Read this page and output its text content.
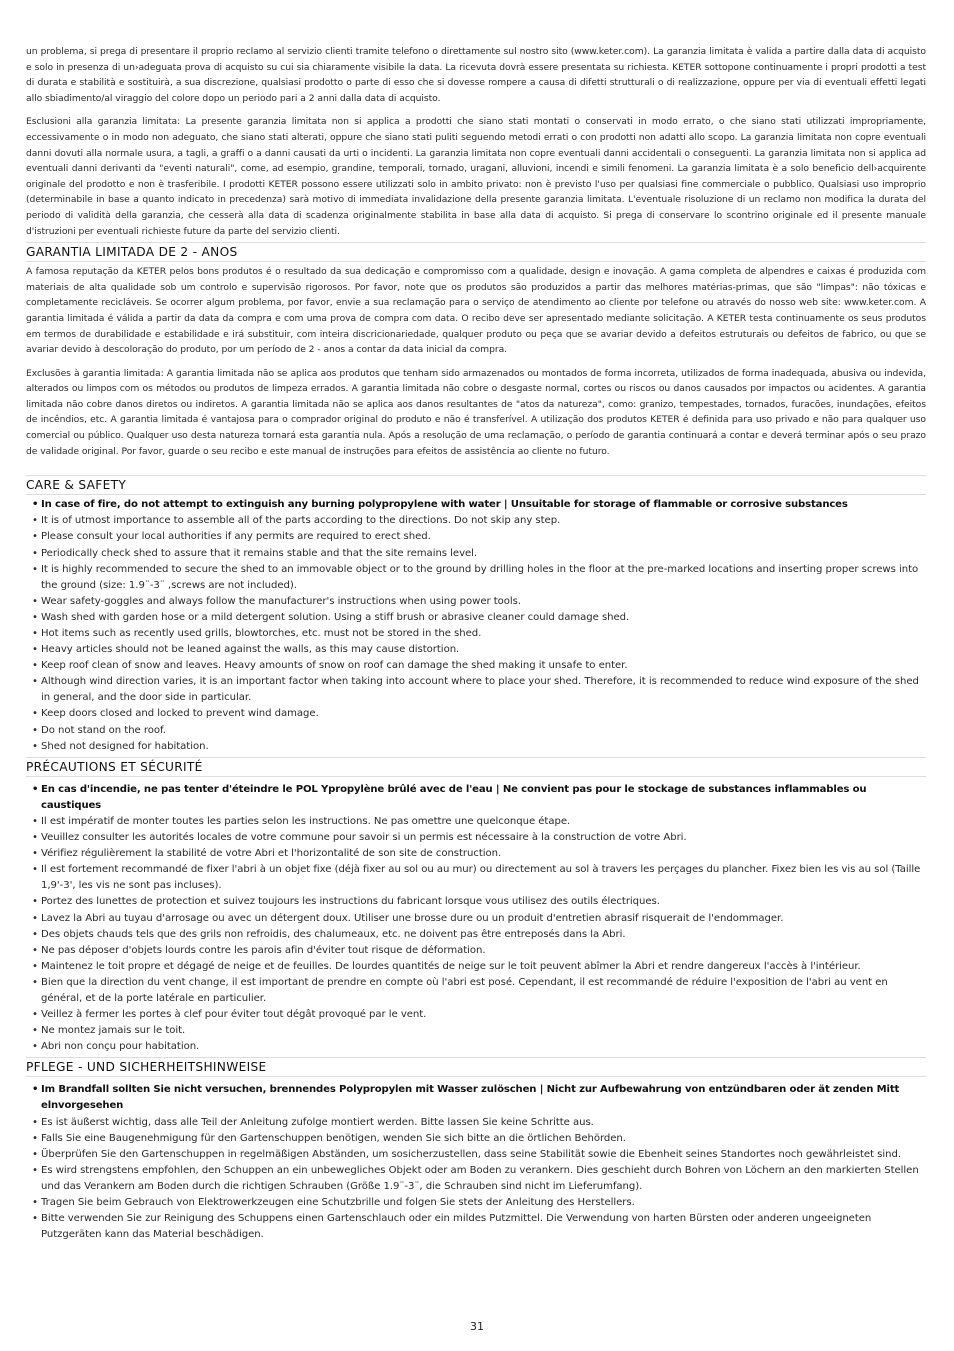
un problema, si prega di presentare il proprio reclamo al servizio clienti tramite telefono o direttamente sul nostro sito (www.keter.com). La garanzia limitata è valida a partire dalla data di acquisto e solo in presenza di un›adeguata prova di acquisto su cui sia chiaramente visibile la data. La ricevuta dovrà essere presentata su richiesta. KETER sottopone continuamente i propri prodotti a test di durata e stabilità e sostituirà, a sua discrezione, qualsiasi prodotto o parte di esso che si dovesse rompere a causa di difetti strutturali o di realizzazione, oppure per via di eventuali effetti legati allo sbiadimento/al viraggio del colore dopo un periodo pari a 2 anni dalla data di acquisto.

Esclusioni alla garanzia limitata: La presente garanzia limitata non si applica a prodotti che siano stati montati o conservati in modo errato, o che siano stati utilizzati impropriamente, eccessivamente o in modo non adeguato, che siano stati alterati, oppure che siano stati puliti seguendo metodi errati o con prodotti non adatti allo scopo. La garanzia limitata non copre eventuali danni dovuti alla normale usura, a tagli, a graffi o a danni causati da urti o incidenti. La garanzia limitata non copre eventuali danni accidentali o conseguenti. La garanzia limitata non si applica ad eventuali danni derivanti da "eventi naturali", come, ad esempio, grandine, temporali, tornado, uragani, alluvioni, incendi e simili fenomeni. La garanzia limitata è a solo beneficio dell›acquirente originale del prodotto e non è trasferibile. I prodotti KETER possono essere utilizzati solo in ambito privato: non è previsto l'uso per qualsiasi fine commerciale o pubblico. Qualsiasi uso improprio (determinabile in base a quanto indicato in precedenza) sarà motivo di immediata invalidazione della presente garanzia limitata. L'eventuale risoluzione di un reclamo non modifica la durata del periodo di validità della garanzia, che cesserà alla data di scadenza originalmente stabilita in base alla data di acquisto. Si prega di conservare lo scontrino originale ed il presente manuale d'istruzioni per eventuali richieste future da parte del servizio clienti.

GARANTIA LIMITADA DE 2 - ANOS

A famosa reputação da KETER pelos bons produtos é o resultado da sua dedicação e compromisso com a qualidade, design e inovação. A gama completa de alpendres e caixas é produzida com materiais de alta qualidade sob um controlo e supervisão rigorosos. Por favor, note que os produtos são produzidos a partir das melhores matérias-primas, que são "limpas": não tóxicas e completamente recicláveis. Se ocorrer algum problema, por favor, envie a sua reclamação para o serviço de atendimento ao cliente por telefone ou através do nosso web site: www.keter.com. A garantia limitada é válida a partir da data da compra e com uma prova de compra com data. O recibo deve ser apresentado mediante solicitação. A KETER testa continuamente os seus produtos em termos de durabilidade e estabilidade e irá substituir, com inteira discricionariedade, qualquer produto ou peça que se avariar devido a defeitos estruturais ou defeitos de fabrico, ou que se avariar devido à descoloração do produto, por um período de 2 - anos a contar da data inicial da compra.

Exclusões à garantia limitada: A garantia limitada não se aplica aos produtos que tenham sido armazenados ou montados de forma incorreta, utilizados de forma inadequada, abusiva ou indevida, alterados ou limpos com os métodos ou produtos de limpeza errados. A garantia limitada não cobre o desgaste normal, cortes ou riscos ou danos causados por impactos ou acidentes. A garantia limitada não cobre danos diretos ou indiretos. A garantia limitada não se aplica aos danos resultantes de "atos da natureza", como: granizo, tempestades, tornados, furacões, inundações, efeitos de incêndios, etc. A garantia limitada é vantajosa para o comprador original do produto e não é transferível. A utilização dos produtos KETER é definida para uso privado e não para qualquer uso comercial ou público. Qualquer uso desta natureza tornará esta garantia nula. Após a resolução de uma reclamação, o período de garantia continuará a contar e deverá terminar após o seu prazo de validade original. Por favor, guarde o seu recibo e este manual de instruções para efeitos de assistência ao cliente no futuro.

CARE & SAFETY
• In case of fire, do not attempt to extinguish any burning polypropylene with water | Unsuitable for storage of flammable or corrosive substances
• It is of utmost importance to assemble all of the parts according to the directions. Do not skip any step.
• Please consult your local authorities if any permits are required to erect shed.
• Periodically check shed to assure that it remains stable and that the site remains level.
• It is highly recommended to secure the shed to an immovable object or to the ground by drilling holes in the floor at the pre-marked locations and inserting proper screws into the ground (size: 1.9¨-3¨ ,screws are not included).
• Wear safety-goggles and always follow the manufacturer's instructions when using power tools.
• Wash shed with garden hose or a mild detergent solution. Using a stiff brush or abrasive cleaner could damage shed.
• Hot items such as recently used grills, blowtorches, etc. must not be stored in the shed.
• Heavy articles should not be leaned against the walls, as this may cause distortion.
• Keep roof clean of snow and leaves. Heavy amounts of snow on roof can damage the shed making it unsafe to enter.
• Although wind direction varies, it is an important factor when taking into account where to place your shed. Therefore, it is recommended to reduce wind exposure of the shed in general, and the door side in particular.
• Keep doors closed and locked to prevent wind damage.
• Do not stand on the roof.
• Shed not designed for habitation.
PRÉCAUTIONS ET SÉCURITÉ
• En cas d'incendie, ne pas tenter d'éteindre le POL Ypropylène brûlé avec de l'eau | Ne convient pas pour le stockage de substances inflammables ou caustiques
• Il est impératif de monter toutes les parties selon les instructions. Ne pas omettre une quelconque étape.
• Veuillez consulter les autorités locales de votre commune pour savoir si un permis est nécessaire à la construction de votre Abri.
• Vérifiez régulièrement la stabilité de votre Abri et l'horizontalité de son site de construction.
• Il est fortement recommandé de fixer l'abri à un objet fixe (déjà fixer au sol ou au mur) ou directement au sol à travers les perçages du plancher. Fixez bien les vis au sol (Taille 1,9'-3', les vis ne sont pas incluses).
• Portez des lunettes de protection et suivez toujours les instructions du fabricant lorsque vous utilisez des outils électriques.
• Lavez la Abri au tuyau d'arrosage ou avec un détergent doux. Utiliser une brosse dure ou un produit d'entretien abrasif risquerait de l'endommager.
• Des objets chauds tels que des grils non refroidis, des chalumeaux, etc. ne doivent pas être entreposés dans la Abri.
• Ne pas déposer d'objets lourds contre les parois afin d'éviter tout risque de déformation.
• Maintenez le toit propre et dégagé de neige et de feuilles. De lourdes quantités de neige sur le toit peuvent abîmer la Abri et rendre dangereux l'accès à l'intérieur.
• Bien que la direction du vent change, il est important de prendre en compte où l'abri est posé. Cependant, il est recommandé de réduire l'exposition de l'abri au vent en général, et de la porte latérale en particulier.
• Veillez à fermer les portes à clef pour éviter tout dégât provoqué par le vent.
• Ne montez jamais sur le toit.
• Abri non conçu pour habitation.
PFLEGE - UND SICHERHEITSHINWEISE
• Im Brandfall sollten Sie nicht versuchen, brennendes Polypropylen mit Wasser zulöschen | Nicht zur Aufbewahrung von entzündbaren oder ät zenden Mitt elnvorgesehen
• Es ist äußerst wichtig, dass alle Teil der Anleitung zufolge montiert werden. Bitte lassen Sie keine Schritte aus.
• Falls Sie eine Baugenehmigung für den Gartenschuppen benötigen, wenden Sie sich bitte an die örtlichen Behörden.
• Überprüfen Sie den Gartenschuppen in regelmäßigen Abständen, um sosicherzustellen, dass seine Stabilität sowie die Ebenheit seines Standortes noch gewährleistet sind.
• Es wird strengstens empfohlen, den Schuppen an ein unbewegliches Objekt oder am Boden zu verankern. Dies geschieht durch Bohren von Löchern an den markierten Stellen und das Verankern am Boden durch die richtigen Schrauben (Größe 1.9¨-3¨, die Schrauben sind nicht im Lieferumfang).
• Tragen Sie beim Gebrauch von Elektrowerkzeugen eine Schutzbrille und folgen Sie stets der Anleitung des Herstellers.
• Bitte verwenden Sie zur Reinigung des Schuppens einen Gartenschlauch oder ein mildes Putzmittel. Die Verwendung von harten Bürsten oder anderen ungeeigneten Putzgeräten kann das Material beschädigen.
31
